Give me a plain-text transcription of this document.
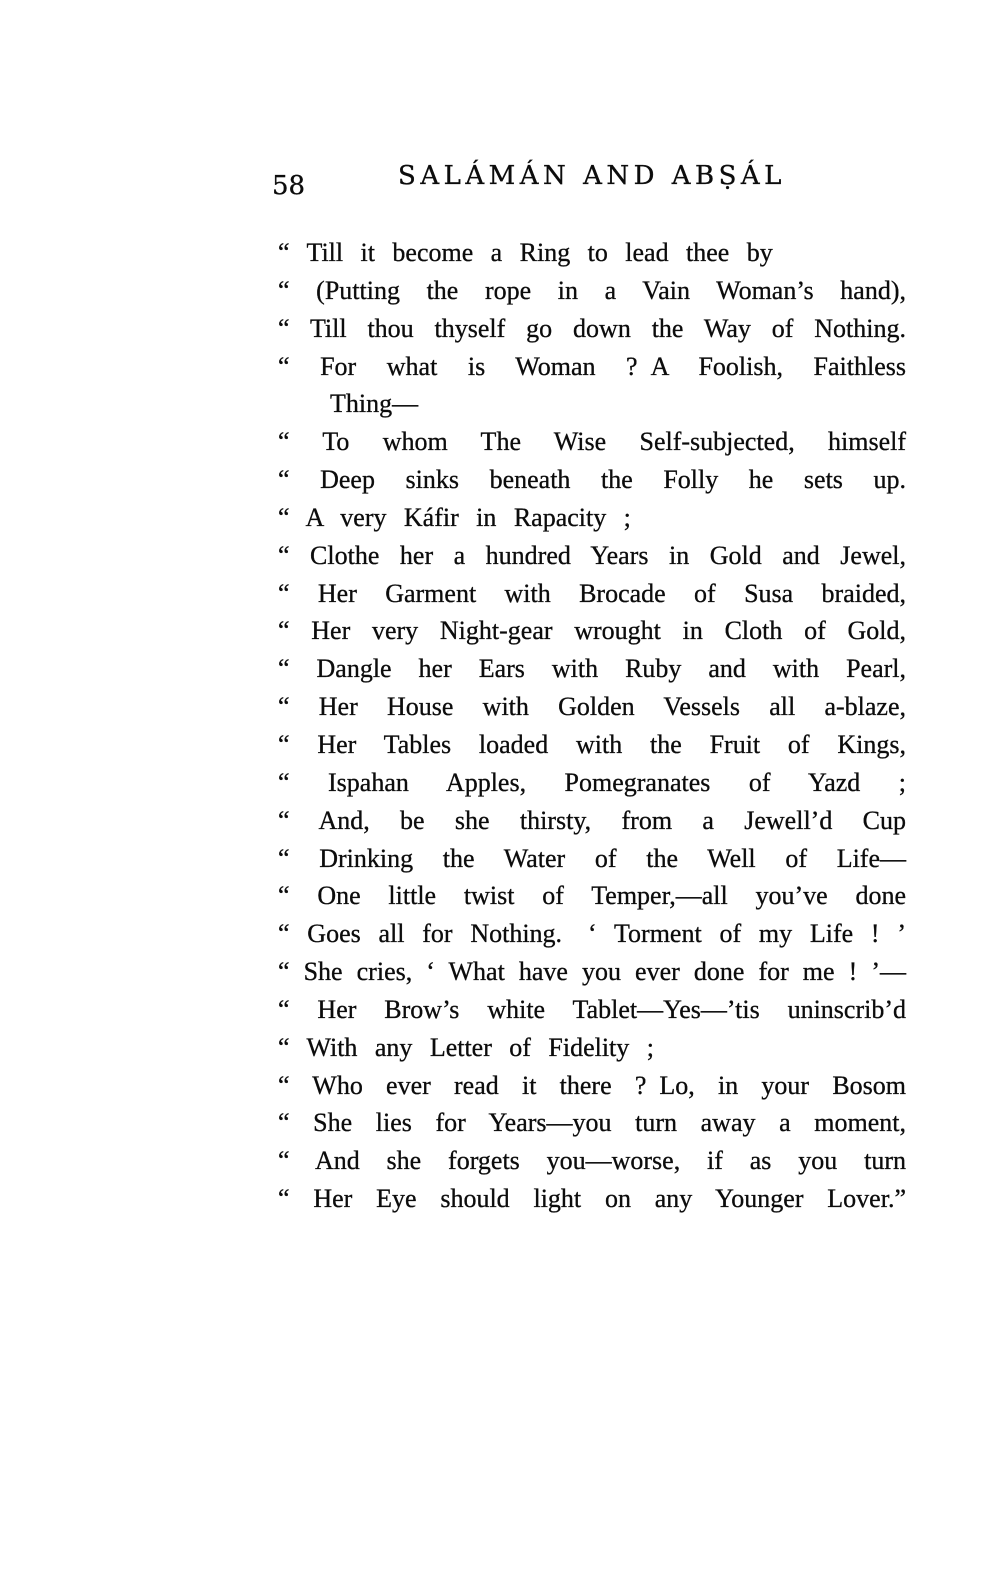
58	SALÁMÁN AND ABṢÁL
“ Till it become a Ring to lead thee by
“ (Putting the rope in a Vain Woman’s hand),
“ Till thou thyself go down the Way of Nothing.
“ For what is Woman ? A Foolish, Faithless
Thing—
“ To whom The Wise Self-subjected, himself
“ Deep sinks beneath the Folly he sets up.
“ A very Káfir in Rapacity ;
“ Clothe her a hundred Years in Gold and Jewel,
“ Her Garment with Brocade of Susa braided,
“ Her very Night-gear wrought in Cloth of Gold,
“ Dangle her Ears with Ruby and with Pearl,
“ Her House with Golden Vessels all a-blaze,
“ Her Tables loaded with the Fruit of Kings,
“ Ispahan Apples, Pomegranates of Yazd ;
“ And, be she thirsty, from a Jewell’d Cup
“ Drinking the Water of the Well of Life—
“ One little twist of Temper,—all you’ve done
“ Goes all for Nothing. ‘ Torment of my Life ! ’
“ She cries, ‘ What have you ever done for me ! ’—
“ Her Brow’s white Tablet—Yes—’tis uninscrib’d
“ With any Letter of Fidelity ;
“ Who ever read it there ? Lo, in your Bosom
“ She lies for Years—you turn away a moment,
“ And she forgets you—worse, if as you turn
“ Her Eye should light on any Younger Lover.”
